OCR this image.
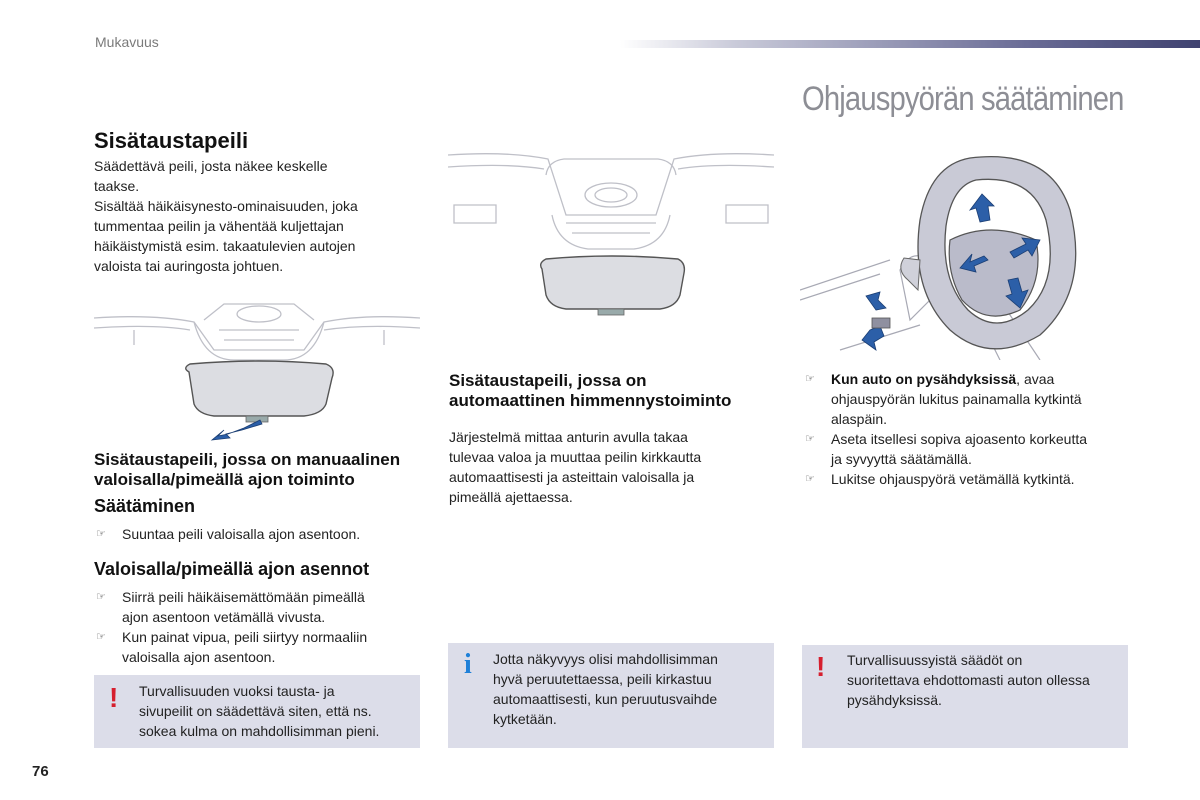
Mukavuus
Ohjauspyörän säätäminen
Sisätaustapeili
Säädettävä peili, josta näkee keskelle
taakse.
Sisältää häikäisynesto-ominaisuuden, joka
tummentaa peilin ja vähentää kuljettajan
häikäistymistä esim. takaatulevien autojen
valoista tai auringosta johtuen.
Sisätaustapeili, jossa on manuaalinen
valoisalla/pimeällä ajon toiminto
Säätäminen
☞ Suuntaa peili valoisalla ajon asentoon.
Valoisalla/pimeällä ajon asennot
☞ Siirrä peili häikäisemättömään pimeällä
ajon asentoon vetämällä vivusta.
☞ Kun painat vipua, peili siirtyy normaaliin
valoisalla ajon asentoon.
! Turvallisuuden vuoksi tausta- ja
sivupeilit on säädettävä siten, että ns.
sokea kulma on mahdollisimman pieni.
Sisätaustapeili, jossa on
automaattinen himmennystoiminto
Järjestelmä mittaa anturin avulla takaa
tulevaa valoa ja muuttaa peilin kirkkautta
automaattisesti ja asteittain valoisalla ja
pimeällä ajettaessa.
i Jotta näkyvyys olisi mahdollisimman
hyvä peruutettaessa, peili kirkastuu
automaattisesti, kun peruutusvaihde
kytketään.
☞ Kun auto on pysähdyksissä, avaa
ohjauspyörän lukitus painamalla kytkintä
alaspäin.
☞ Aseta itsellesi sopiva ajoasento korkeutta
ja syvyyttä säätämällä.
☞ Lukitse ohjauspyörä vetämällä kytkintä.
! Turvallisuussyistä säädöt on
suoritettava ehdottomasti auton ollessa
pysähdyksissä.
76
